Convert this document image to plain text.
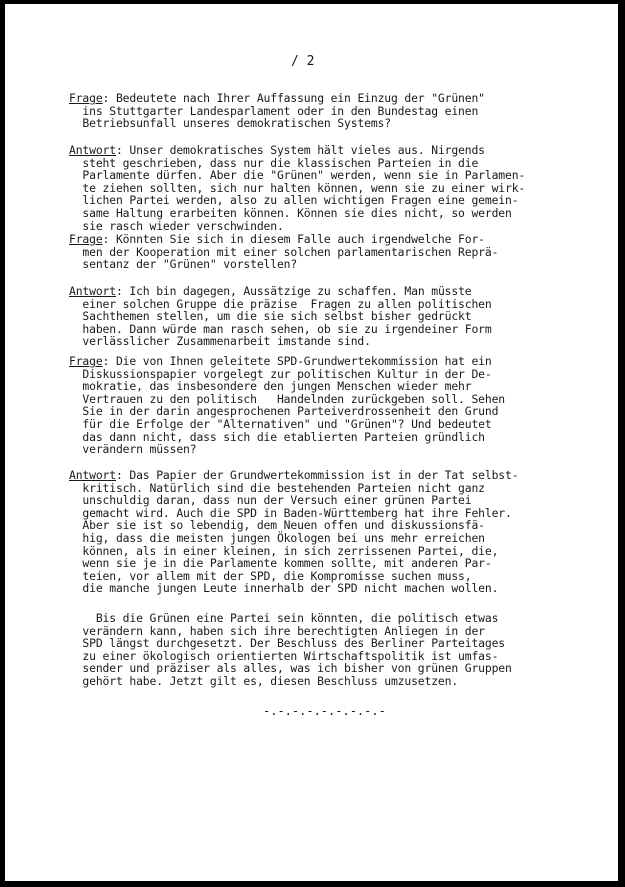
/ 2
Frage: Bedeutete nach Ihrer Auffassung ein Einzug der "Grünen"
ins Stuttgarter Landesparlament oder in den Bundestag einen
Betriebsunfall unseres demokratischen Systems?
Antwort: Unser demokratisches System hält vieles aus. Nirgends
steht geschrieben, dass nur die klassischen Parteien in die
Parlamente dürfen. Aber die "Grünen" werden, wenn sie in Parlamen-
te ziehen sollten, sich nur halten können, wenn sie zu einer wirk-
lichen Partei werden, also zu allen wichtigen Fragen eine gemein-
same Haltung erarbeiten können. Können sie dies nicht, so werden
sie rasch wieder verschwinden.
Frage: Könnten Sie sich in diesem Falle auch irgendwelche For-
men der Kooperation mit einer solchen parlamentarischen Reprä-
sentanz der "Grünen" vorstellen?
Antwort: Ich bin dagegen, Aussätzige zu schaffen. Man müsste
einer solchen Gruppe die präzise  Fragen zu allen politischen
Sachthemen stellen, um die sie sich selbst bisher gedrückt
haben. Dann würde man rasch sehen, ob sie zu irgendeiner Form
verlässlicher Zusammenarbeit imstande sind.
Frage: Die von Ihnen geleitete SPD-Grundwertekommission hat ein
Diskussionspapier vorgelegt zur politischen Kultur in der De-
mokratie, das insbesondere den jungen Menschen wieder mehr
Vertrauen zu den politisch   Handelnden zurückgeben soll. Sehen
Sie in der darin angesprochenen Parteiverdrossenheit den Grund
für die Erfolge der "Alternativen" und "Grünen"? Und bedeutet
das dann nicht, dass sich die etablierten Parteien gründlich
verändern müssen?
Antwort: Das Papier der Grundwertekommission ist in der Tat selbst-
kritisch. Natürlich sind die bestehenden Parteien nicht ganz
unschuldig daran, dass nun der Versuch einer grünen Partei
gemacht wird. Auch die SPD in Baden-Württemberg hat ihre Fehler.
Aber sie ist so lebendig, dem Neuen offen und diskussionsfä-
hig, dass die meisten jungen Ökologen bei uns mehr erreichen
können, als in einer kleinen, in sich zerrissenen Partei, die,
wenn sie je in die Parlamente kommen sollte, mit anderen Par-
teien, vor allem mit der SPD, die Kompromisse suchen muss,
die manche jungen Leute innerhalb der SPD nicht machen wollen.
Bis die Grünen eine Partei sein könnten, die politisch etwas
verändern kann, haben sich ihre berechtigten Anliegen in der
SPD längst durchgesetzt. Der Beschluss des Berliner Parteitages
zu einer ökologisch orientierten Wirtschaftspolitik ist umfas-
sender und präziser als alles, was ich bisher von grünen Gruppen
gehört habe. Jetzt gilt es, diesen Beschluss umzusetzen.
-.-.-.-.-.-.-.-.-
